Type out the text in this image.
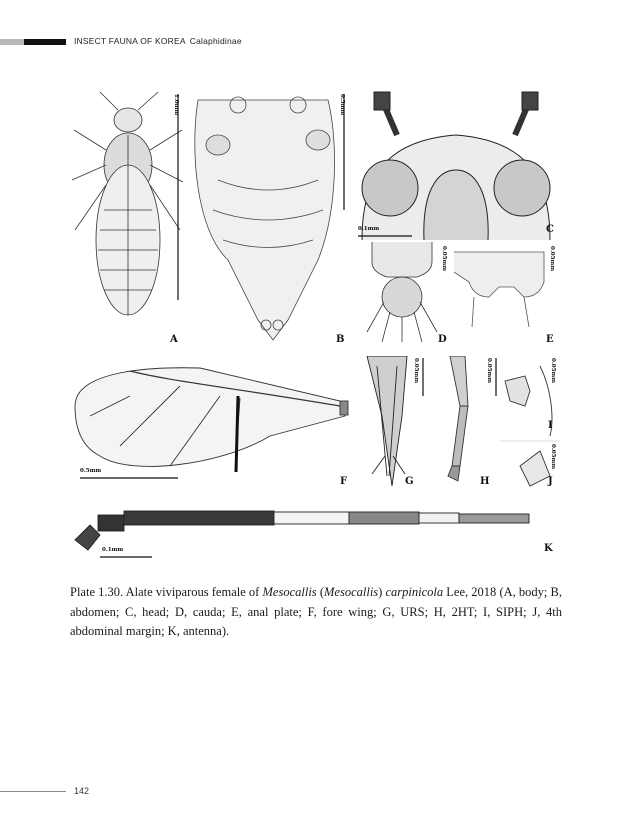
INSECT FAUNA OF KOREA Calaphidinae
A
1.0mm
B
0.5mm
C
0.1mm
D
0.05mm
E
0.05mm
F
0.5mm
G
0.05mm
H
0.05mm
I
J
0.05mm
0.05mm
K
0.1mm
Plate 1.30. Alate viviparous female of Mesocallis (Mesocallis) carpinicola Lee, 2018 (A, body; B, abdomen; C, head; D, cauda; E, anal plate; F, fore wing; G, URS; H, 2HT; I, SIPH; J, 4th abdominal margin; K, antenna).
142
